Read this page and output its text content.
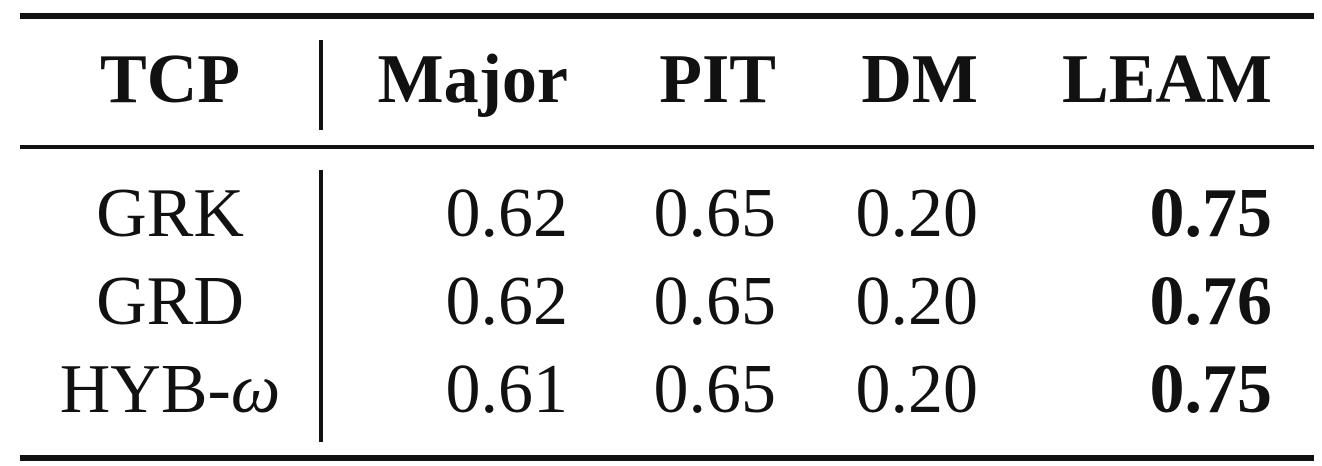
TCP	Major	PIT	DM	LEAM
GRK	0.62	0.65	0.20	0.75
GRD	0.62	0.65	0.20	0.76
HYB-ω	0.61	0.65	0.20	0.75
